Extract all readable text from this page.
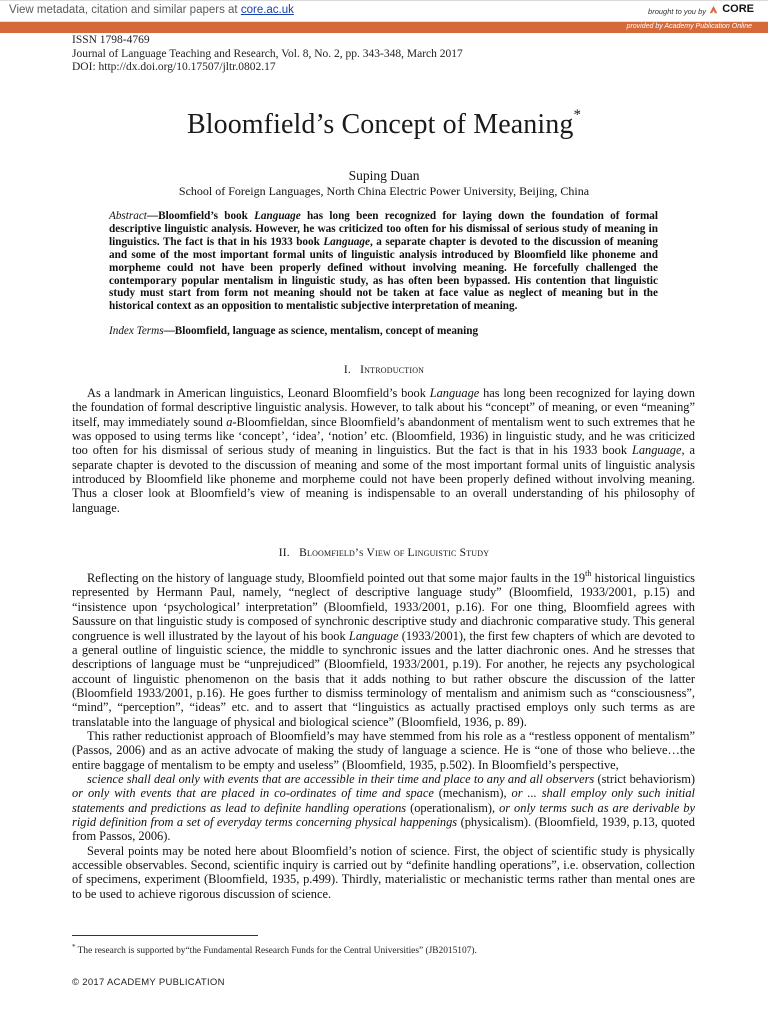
View metadata, citation and similar papers at core.ac.uk	brought to you by CORE
provided by Academy Publication Online
ISSN 1798-4769
Journal of Language Teaching and Research, Vol. 8, No. 2, pp. 343-348, March 2017
DOI: http://dx.doi.org/10.17507/jltr.0802.17
Bloomfield’s Concept of Meaning*
Suping Duan
School of Foreign Languages, North China Electric Power University, Beijing, China
Abstract—Bloomfield’s book Language has long been recognized for laying down the foundation of formal descriptive linguistic analysis. However, he was criticized too often for his dismissal of serious study of meaning in linguistics. The fact is that in his 1933 book Language, a separate chapter is devoted to the discussion of meaning and some of the most important formal units of linguistic analysis introduced by Bloomfield like phoneme and morpheme could not have been properly defined without involving meaning. He forcefully challenged the contemporary popular mentalism in linguistic study, as has often been bypassed. His contention that linguistic study must start from form not meaning should not be taken at face value as neglect of meaning but in the historical context as an opposition to mentalistic subjective interpretation of meaning.
Index Terms—Bloomfield, language as science, mentalism, concept of meaning
I. Introduction

As a landmark in American linguistics, Leonard Bloomfield’s book Language has long been recognized for laying down the foundation of formal descriptive linguistic analysis. However, to talk about his “concept” of meaning, or even “meaning” itself, may immediately sound a-Bloomfieldan, since Bloomfield’s abandonment of mentalism went to such extremes that he was opposed to using terms like ‘concept’, ‘idea’, ‘notion’ etc. (Bloomfield, 1936) in linguistic study, and he was criticized too often for his dismissal of serious study of meaning in linguistics. But the fact is that in his 1933 book Language, a separate chapter is devoted to the discussion of meaning and some of the most important formal units of linguistic analysis introduced by Bloomfield like phoneme and morpheme could not have been properly defined without involving meaning. Thus a closer look at Bloomfield’s view of meaning is indispensable to an overall understanding of his philosophy of language.

II. Bloomfield’s View of Linguistic Study

Reflecting on the history of language study, Bloomfield pointed out that some major faults in the 19th historical linguistics represented by Hermann Paul, namely, “neglect of descriptive language study” (Bloomfield, 1933/2001, p.15) and “insistence upon ‘psychological’ interpretation” (Bloomfield, 1933/2001, p.16). For one thing, Bloomfield agrees with Saussure on that linguistic study is composed of synchronic descriptive study and diachronic comparative study. This general congruence is well illustrated by the layout of his book Language (1933/2001), the first few chapters of which are devoted to a general outline of linguistic science, the middle to synchronic issues and the latter diachronic ones. And he stresses that descriptions of language must be “unprejudiced” (Bloomfield, 1933/2001, p.19). For another, he rejects any psychological account of linguistic phenomenon on the basis that it adds nothing to but rather obscure the discussion of the latter (Bloomfield 1933/2001, p.16). He goes further to dismiss terminology of mentalism and animism such as “consciousness”, “mind”, “perception”, “ideas” etc. and to assert that “linguistics as actually practised employs only such terms as are translatable into the language of physical and biological science” (Bloomfield, 1936, p. 89).

This rather reductionist approach of Bloomfield’s may have stemmed from his role as a “restless opponent of mentalism” (Passos, 2006) and as an active advocate of making the study of language a science. He is “one of those who believe…the entire baggage of mentalism to be empty and useless” (Bloomfield, 1935, p.502). In Bloomfield’s perspective,

science shall deal only with events that are accessible in their time and place to any and all observers (strict behaviorism) or only with events that are placed in co-ordinates of time and space (mechanism), or ... shall employ only such initial statements and predictions as lead to definite handling operations (operationalism), or only terms such as are derivable by rigid definition from a set of everyday terms concerning physical happenings (physicalism). (Bloomfield, 1939, p.13, quoted from Passos, 2006).

Several points may be noted here about Bloomfield’s notion of science. First, the object of scientific study is physically accessible observables. Second, scientific inquiry is carried out by “definite handling operations”, i.e. observation, collection of specimens, experiment (Bloomfield, 1935, p.499). Thirdly, materialistic or mechanistic terms rather than mental ones are to be used to achieve rigorous discussion of science.

* The research is supported by“the Fundamental Research Funds for the Central Universities” (JB2015107).
© 2017 ACADEMY PUBLICATION
